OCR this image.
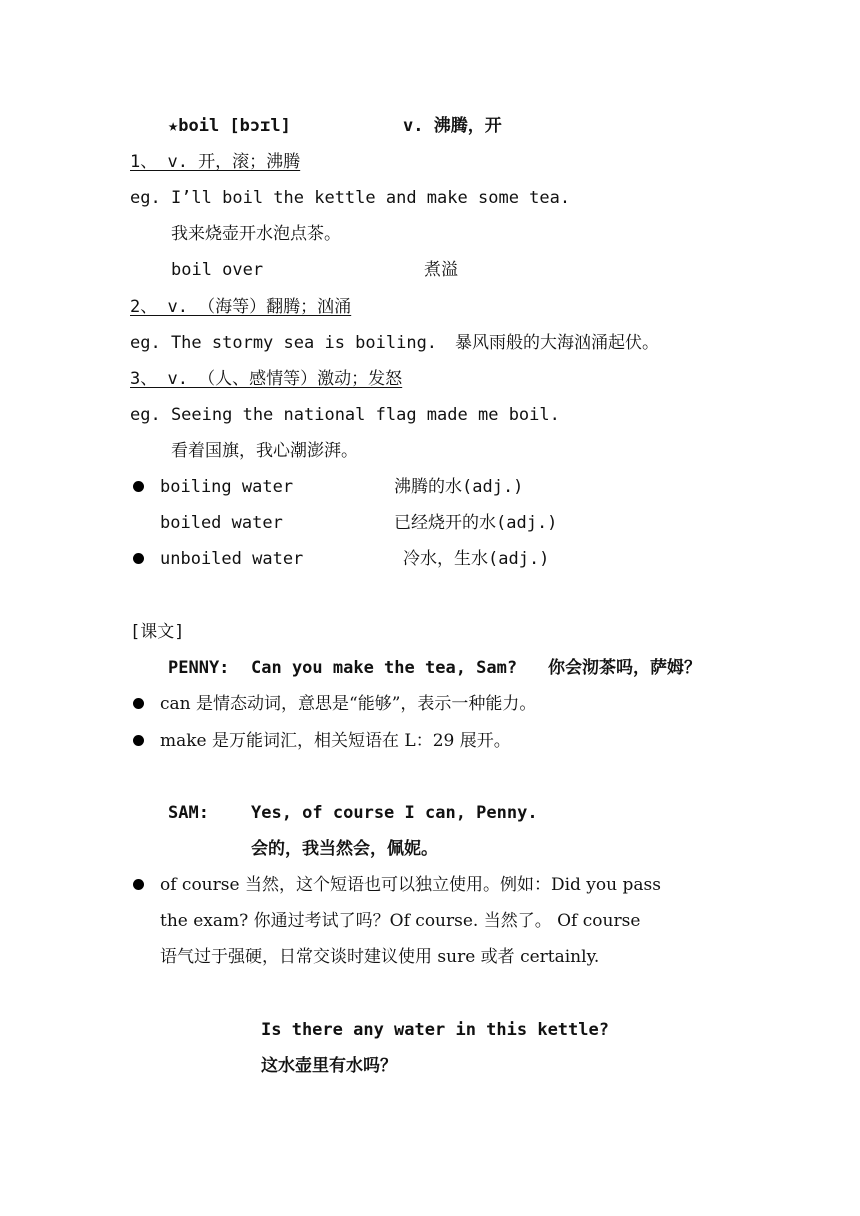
★boil [bɔɪl]	v. 沸腾，开
1、 v. 开，滚；沸腾
eg. I’ll boil the kettle and make some tea.
我来烧壶开水泡点茶。
boil over	煮溢
2、 v. （海等）翻腾；汹涌
eg. The stormy sea is boiling. 暴风雨般的大海汹涌起伏。
3、 v. （人、感情等）激动；发怒
eg. Seeing the national flag made me boil.
看着国旗，我心潮澎湃。
boiling water	沸腾的水(adj.)
boiled water	已经烧开的水(adj.)
unboiled water	冷水，生水(adj.)
[课文]
PENNY: Can you make the tea, Sam? 你会沏茶吗，萨姆？
can 是情态动词，意思是“能够”，表示一种能力。
make 是万能词汇，相关短语在 L：29 展开。
SAM: Yes, of course I can, Penny.
会的，我当然会，佩妮。
of course 当然，这个短语也可以独立使用。例如：Did you pass
the exam? 你通过考试了吗？Of course. 当然了。 Of course
语气过于强硬，日常交谈时建议使用 sure 或者 certainly.
Is there any water in this kettle?
这水壶里有水吗？
